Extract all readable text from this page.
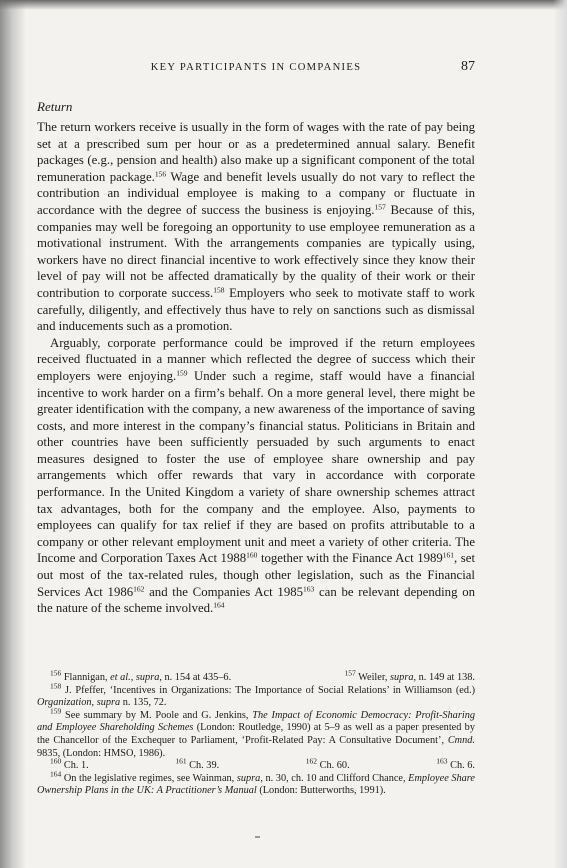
KEY PARTICIPANTS IN COMPANIES	87
Return

The return workers receive is usually in the form of wages with the rate of pay being set at a prescribed sum per hour or as a predetermined annual salary. Benefit packages (e.g., pension and health) also make up a significant component of the total remuneration package.$^{156}$ Wage and benefit levels usually do not vary to reflect the contribution an individual employee is making to a company or fluctuate in accordance with the degree of success the business is enjoying.$^{157}$ Because of this, companies may well be foregoing an opportunity to use employee remuneration as a motivational instrument. With the arrangements companies are typically using, workers have no direct financial incentive to work effectively since they know their level of pay will not be affected dramatically by the quality of their work or their contribution to corporate success.$^{158}$ Employers who seek to motivate staff to work carefully, diligently, and effectively thus have to rely on sanctions such as dismissal and inducements such as a promotion.

Arguably, corporate performance could be improved if the return employees received fluctuated in a manner which reflected the degree of success which their employers were enjoying.$^{159}$ Under such a regime, staff would have a financial incentive to work harder on a firm’s behalf. On a more general level, there might be greater identification with the company, a new awareness of the importance of saving costs, and more interest in the company’s financial status. Politicians in Britain and other countries have been sufficiently persuaded by such arguments to enact measures designed to foster the use of employee share ownership and pay arrangements which offer rewards that vary in accordance with corporate performance. In the United Kingdom a variety of share ownership schemes attract tax advantages, both for the company and the employee. Also, payments to employees can qualify for tax relief if they are based on profits attributable to a company or other relevant employment unit and meet a variety of other criteria. The Income and Corporation Taxes Act 1988$^{160}$ together with the Finance Act 1989$^{161}$, set out most of the tax-related rules, though other legislation, such as the Financial Services Act 1986$^{162}$ and the Companies Act 1985$^{163}$ can be relevant depending on the nature of the scheme involved.$^{164}$

$^{156}$ Flannigan, et al., supra, n. 154 at 435–6.	$^{157}$ Weiler, supra, n. 149 at 138.

$^{158}$ J. Pfeffer, ‘Incentives in Organizations: The Importance of Social Relations’ in Williamson (ed.) Organization, supra n. 135, 72.

$^{159}$ See summary by M. Poole and G. Jenkins, The Impact of Economic Democracy: Profit-Sharing and Employee Shareholding Schemes (London: Routledge, 1990) at 5–9 as well as a paper presented by the Chancellor of the Exchequer to Parliament, ‘Profit-Related Pay: A Consultative Document’, Cmnd. 9835, (London: HMSO, 1986).

$^{160}$ Ch. 1.	$^{161}$ Ch. 39.	$^{162}$ Ch. 60.	$^{163}$ Ch. 6.

$^{164}$ On the legislative regimes, see Wainman, supra, n. 30, ch. 10 and Clifford Chance, Employee Share Ownership Plans in the UK: A Practitioner’s Manual (London: Butterworths, 1991).
